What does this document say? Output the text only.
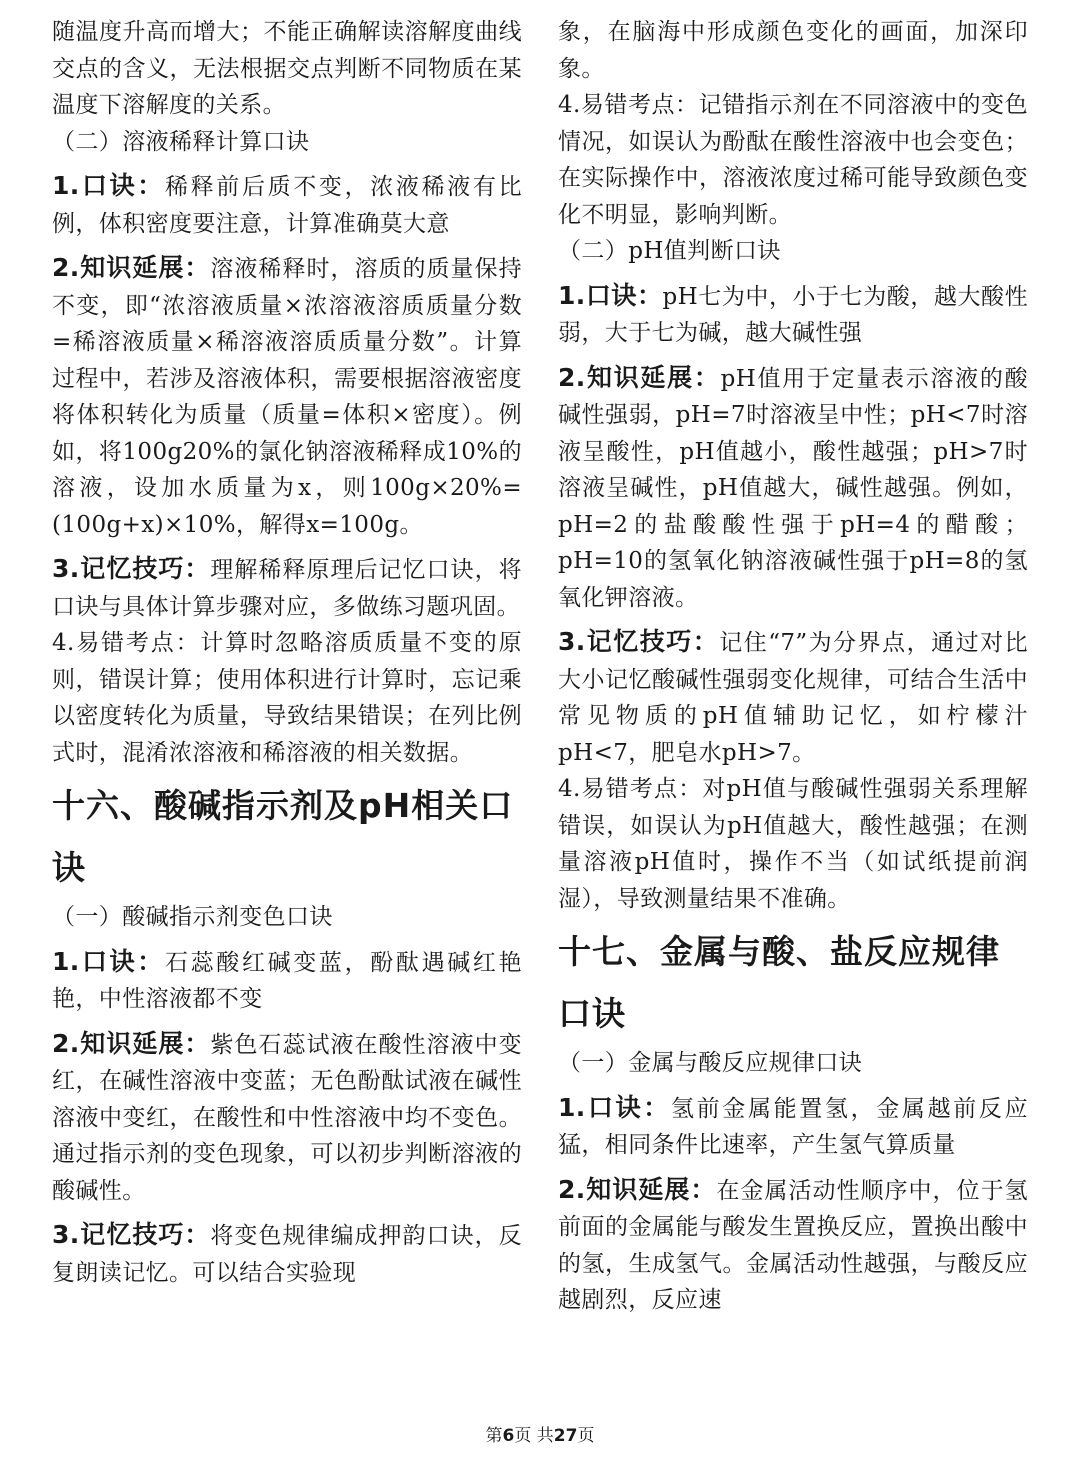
随温度升高而增大；不能正确解读溶解度曲线交点的含义，无法根据交点判断不同物质在某温度下溶解度的关系。

（二）溶液稀释计算口诀

1.口诀：稀释前后质不变，浓液稀液有比例，体积密度要注意，计算准确莫大意

2.知识延展：溶液稀释时，溶质的质量保持不变，即“浓溶液质量×浓溶液溶质质量分数=稀溶液质量×稀溶液溶质质量分数”。计算过程中，若涉及溶液体积，需要根据溶液密度将体积转化为质量（质量=体积×密度）。例如，将100g20%的氯化钠溶液稀释成10%的溶液，设加水质量为x，则100g×20%=(100g+x)×10%，解得x=100g。

3.记忆技巧：理解稀释原理后记忆口诀，将口诀与具体计算步骤对应，多做练习题巩固。

4.易错考点：计算时忽略溶质质量不变的原则，错误计算；使用体积进行计算时，忘记乘以密度转化为质量，导致结果错误；在列比例式时，混淆浓溶液和稀溶液的相关数据。

十六、酸碱指示剂及pH相关口诀

（一）酸碱指示剂变色口诀

1.口诀：石蕊酸红碱变蓝，酚酞遇碱红艳艳，中性溶液都不变

2.知识延展：紫色石蕊试液在酸性溶液中变红，在碱性溶液中变蓝；无色酚酞试液在碱性溶液中变红，在酸性和中性溶液中均不变色。通过指示剂的变色现象，可以初步判断溶液的酸碱性。

3.记忆技巧：将变色规律编成押韵口诀，反复朗读记忆。可以结合实验现

象，在脑海中形成颜色变化的画面，加深印象。

4.易错考点：记错指示剂在不同溶液中的变色情况，如误认为酚酞在酸性溶液中也会变色；在实际操作中，溶液浓度过稀可能导致颜色变化不明显，影响判断。

（二）pH值判断口诀

1.口诀：pH七为中，小于七为酸，越大酸性弱，大于七为碱，越大碱性强

2.知识延展：pH值用于定量表示溶液的酸碱性强弱，pH=7时溶液呈中性；pH<7时溶液呈酸性，pH值越小，酸性越强；pH>7时溶液呈碱性，pH值越大，碱性越强。例如，pH=2的盐酸酸性强于pH=4的醋酸；pH=10的氢氧化钠溶液碱性强于pH=8的氢氧化钾溶液。

3.记忆技巧：记住“7”为分界点，通过对比大小记忆酸碱性强弱变化规律，可结合生活中常见物质的pH值辅助记忆，如柠檬汁pH<7，肥皂水pH>7。

4.易错考点：对pH值与酸碱性强弱关系理解错误，如误认为pH值越大，酸性越强；在测量溶液pH值时，操作不当（如试纸提前润湿），导致测量结果不准确。

十七、金属与酸、盐反应规律口诀

（一）金属与酸反应规律口诀

1.口诀：氢前金属能置氢，金属越前反应猛，相同条件比速率，产生氢气算质量

2.知识延展：在金属活动性顺序中，位于氢前面的金属能与酸发生置换反应，置换出酸中的氢，生成氢气。金属活动性越强，与酸反应越剧烈，反应速

第6页 共27页
